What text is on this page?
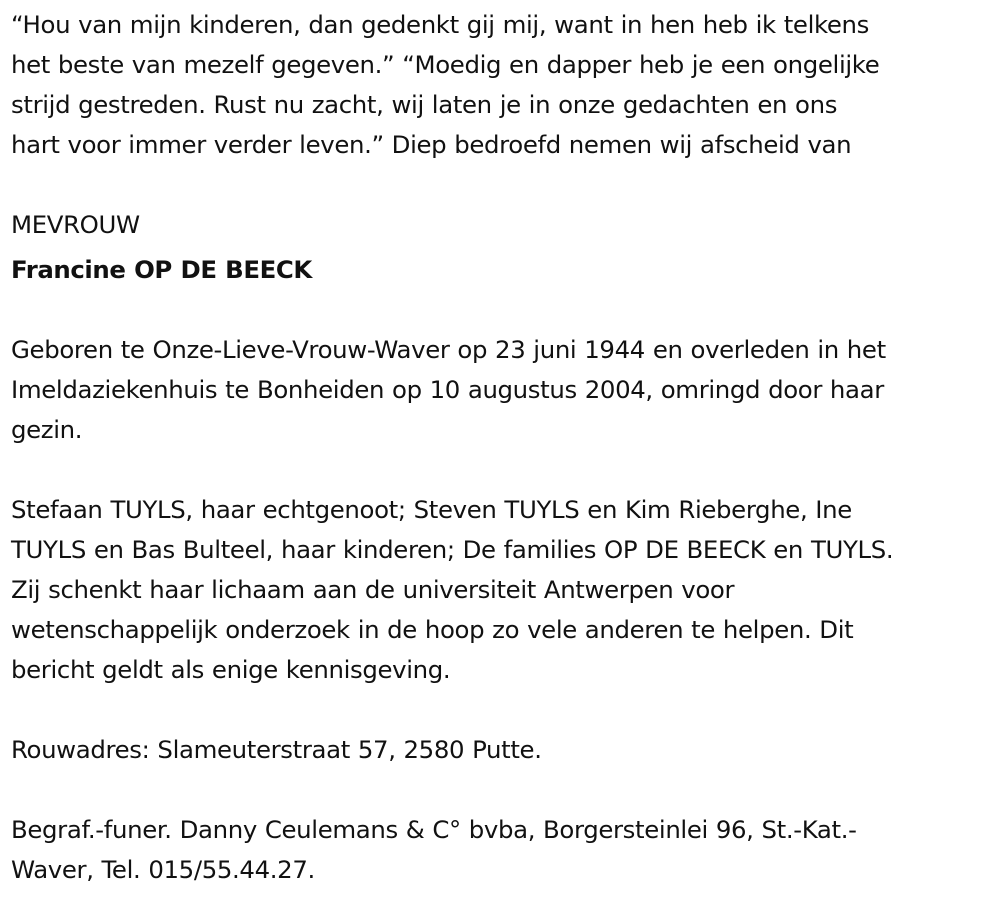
“Hou van mijn kinderen, dan gedenkt gij mij, want in hen heb ik telkens

het beste van mezelf gegeven.” “Moedig en dapper heb je een ongelijke

strijd gestreden. Rust nu zacht, wij laten je in onze gedachten en ons

hart voor immer verder leven.” Diep bedroefd nemen wij afscheid van

MEVROUW

Francine OP DE BEECK

Geboren te Onze-Lieve-Vrouw-Waver op 23 juni 1944 en overleden in het

Imeldaziekenhuis te Bonheiden op 10 augustus 2004, omringd door haar

gezin.

Stefaan TUYLS, haar echtgenoot; Steven TUYLS en Kim Rieberghe, Ine

TUYLS en Bas Bulteel, haar kinderen; De families OP DE BEECK en TUYLS.

Zij schenkt haar lichaam aan de universiteit Antwerpen voor

wetenschappelijk onderzoek in de hoop zo vele anderen te helpen. Dit

bericht geldt als enige kennisgeving.

Rouwadres: Slameuterstraat 57, 2580 Putte.

Begraf.-funer. Danny Ceulemans & C° bvba, Borgersteinlei 96, St.-Kat.-

Waver, Tel. 015/55.44.27.
